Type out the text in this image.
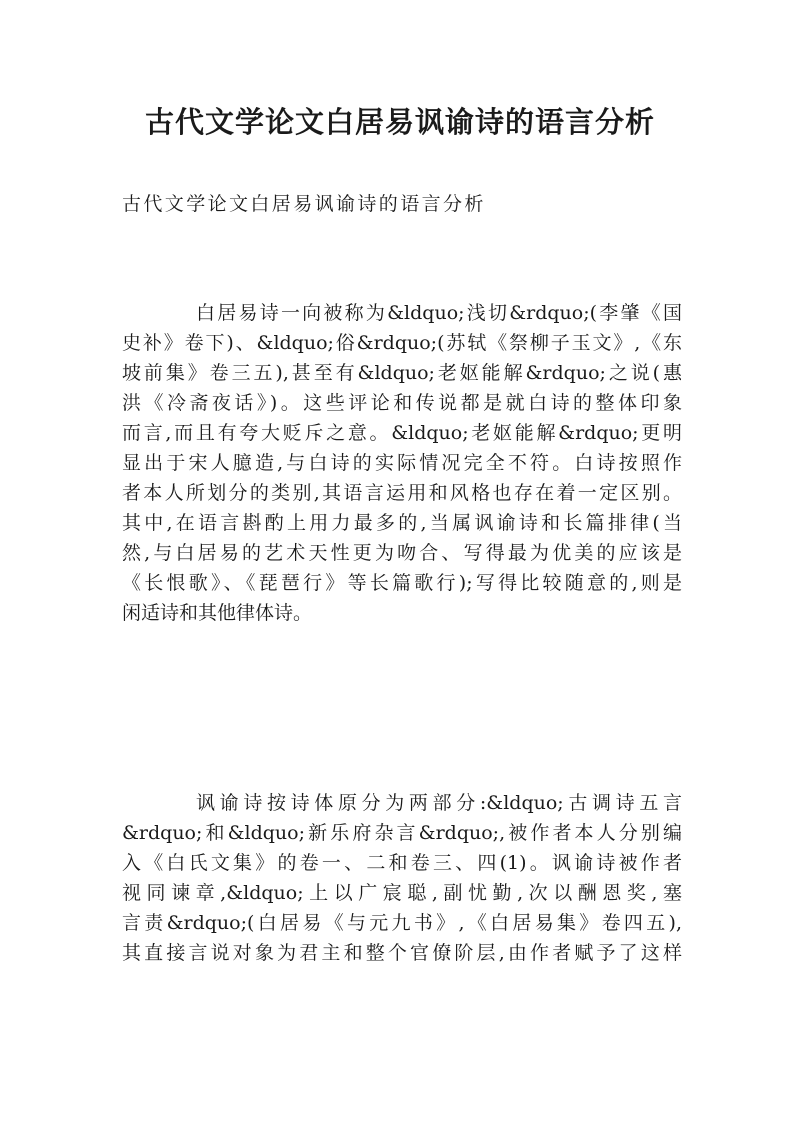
古代文学论文白居易讽谕诗的语言分析

古代文学论文白居易讽谕诗的语言分析

白居易诗一向被称为&ldquo;浅切&rdquo;(李肇《国
史补》卷下)、&ldquo;俗&rdquo;(苏轼《祭柳子玉文》,《东
坡前集》卷三五),甚至有&ldquo;老妪能解&rdquo;之说(惠
洪《冷斋夜话》)。这些评论和传说都是就白诗的整体印象
而言,而且有夸大贬斥之意。&ldquo;老妪能解&rdquo;更明
显出于宋人臆造,与白诗的实际情况完全不符。白诗按照作
者本人所划分的类别,其语言运用和风格也存在着一定区别。
其中,在语言斟酌上用力最多的,当属讽谕诗和长篇排律(当
然,与白居易的艺术天性更为吻合、写得最为优美的应该是
《长恨歌》、《琵琶行》等长篇歌行);写得比较随意的,则是
闲适诗和其他律体诗。
讽谕诗按诗体原分为两部分:&ldquo;古调诗五言
&rdquo;和&ldquo;新乐府杂言&rdquo;,被作者本人分别编
入《白氏文集》的卷一、二和卷三、四(1)。讽谕诗被作者
视同谏章,&ldquo;上以广宸聪,副忧勤,次以酬恩奖,塞
言责&rdquo;(白居易《与元九书》,《白居易集》卷四五),
其直接言说对象为君主和整个官僚阶层,由作者赋予了这样
